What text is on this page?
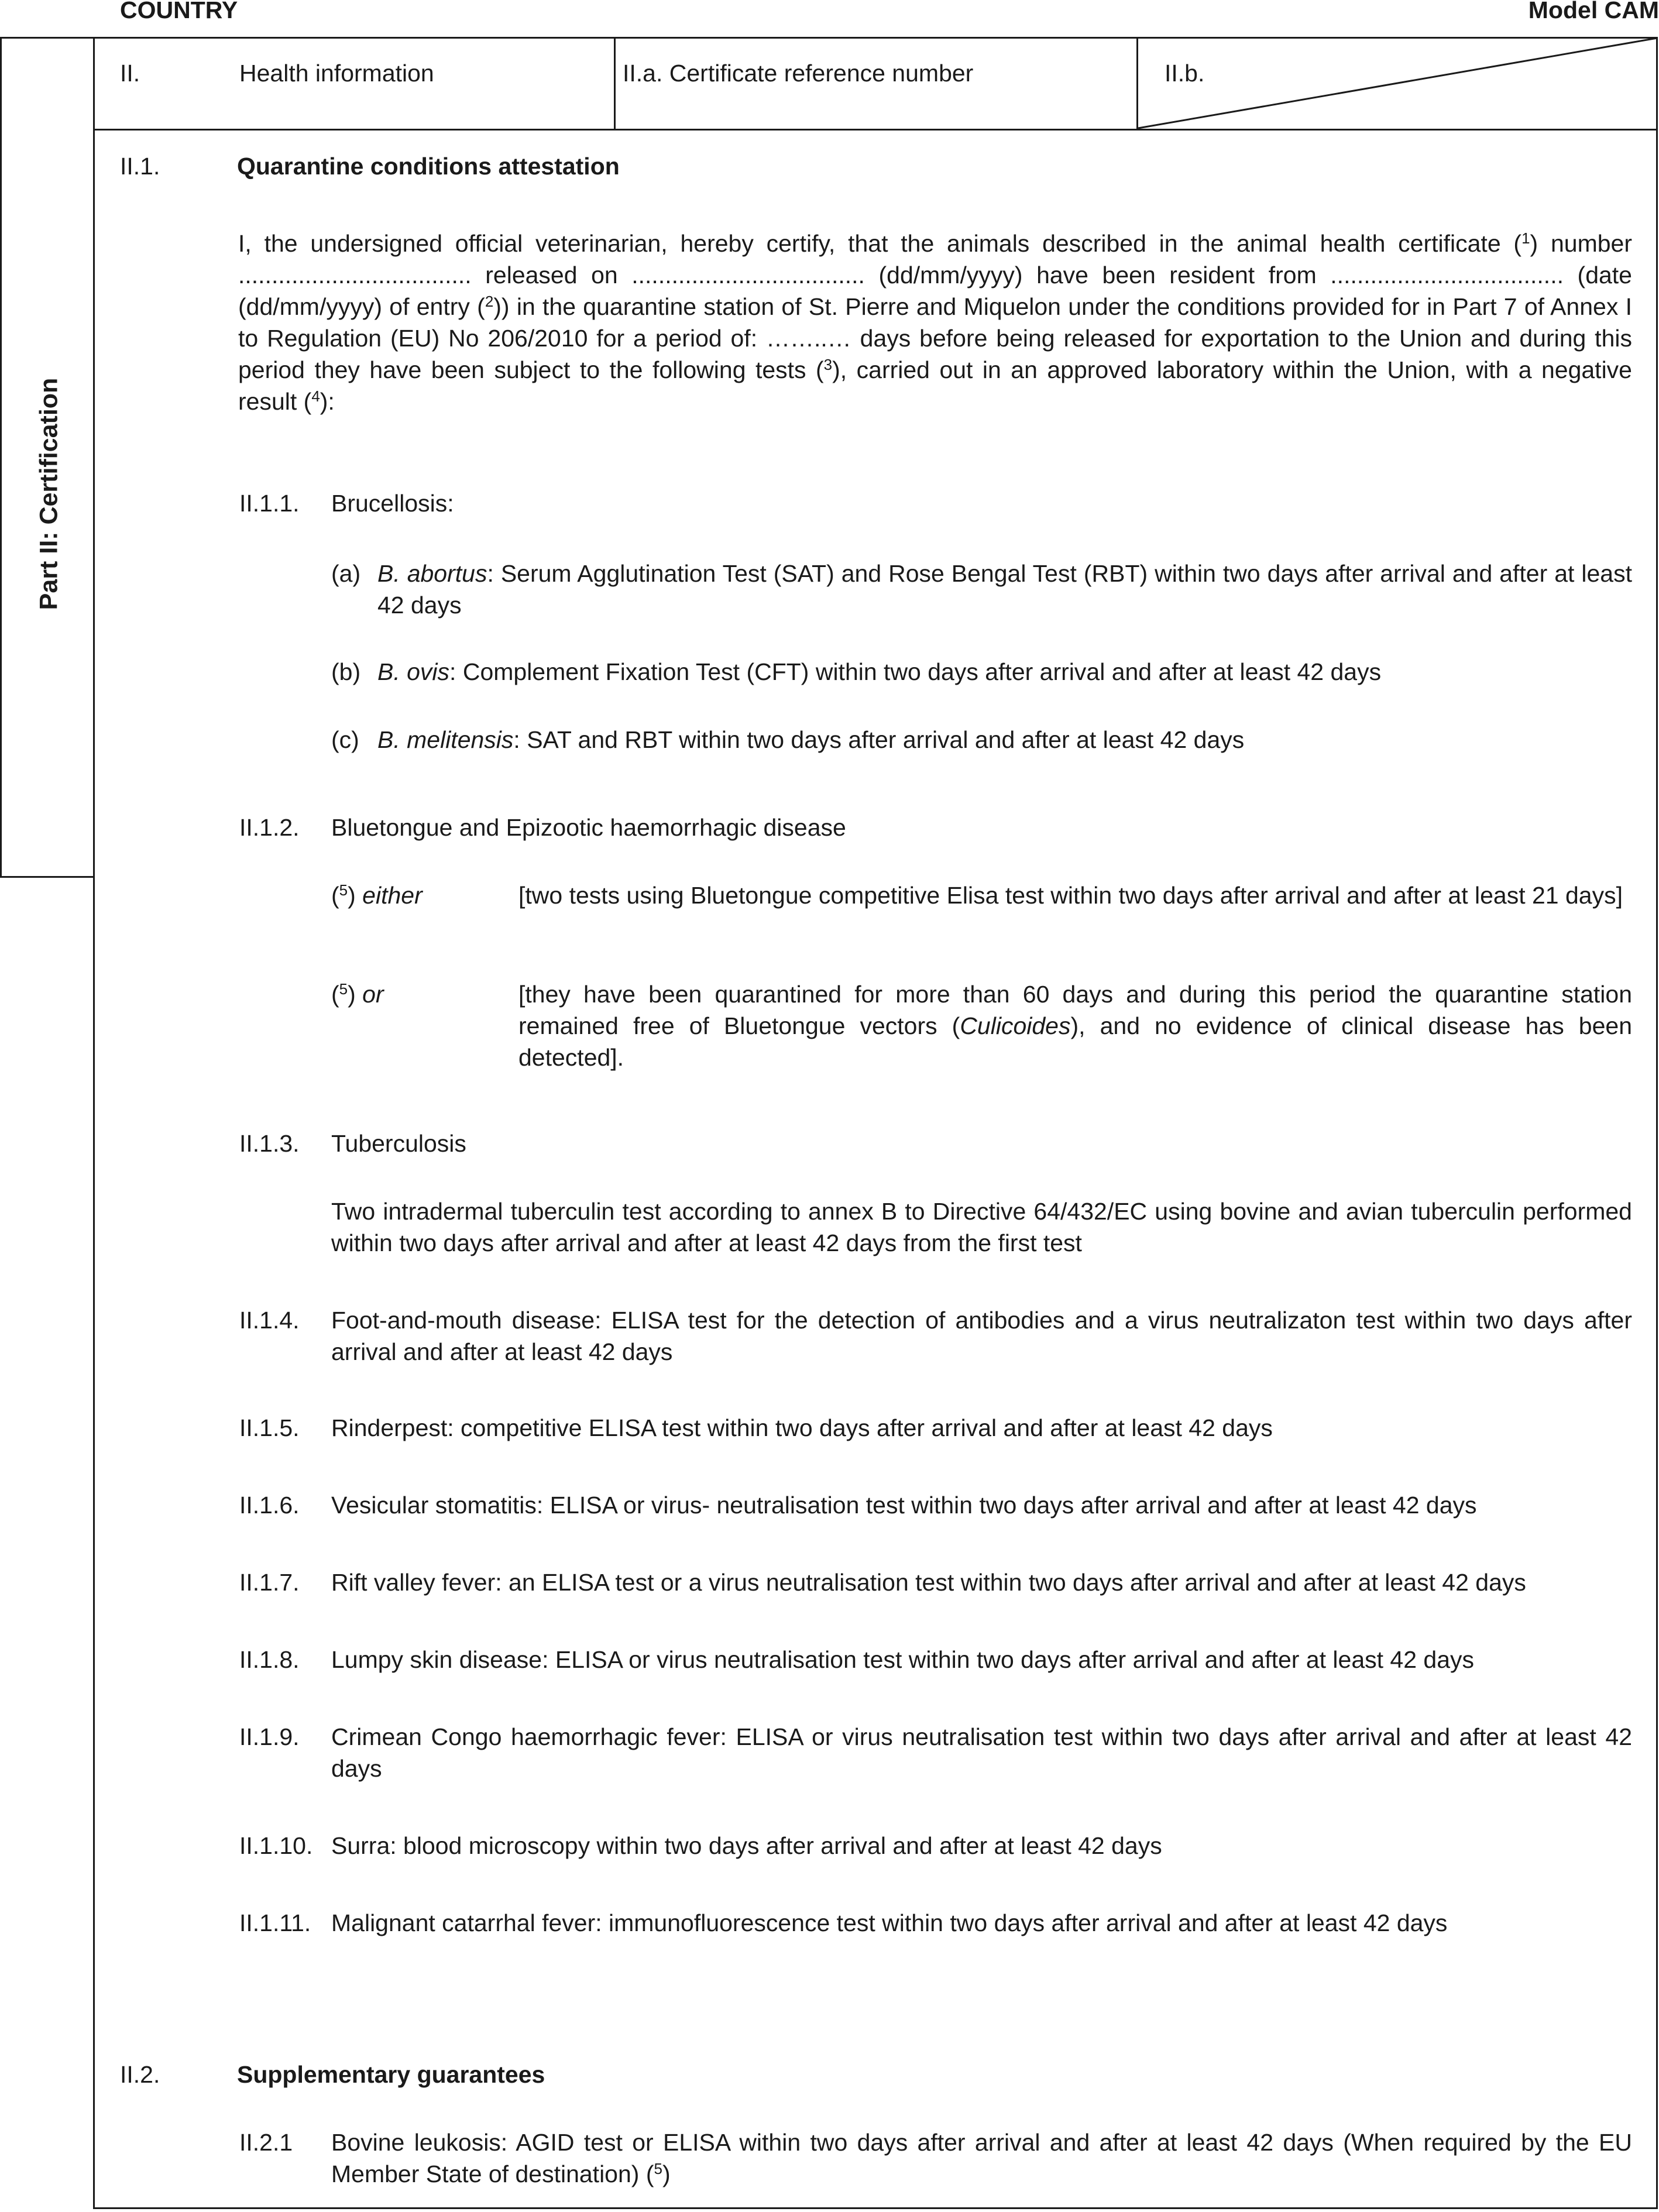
COUNTRY	Model CAM
Part II: Certification
II.	Health information	II.a. Certificate reference number	II.b.
II.1.	Quarantine conditions attestation
I, the undersigned official veterinarian, hereby certify, that the animals described in the animal health certificate ($^1$) number ................................... released on ................................... (dd/mm/yyyy) have been resident from ................................... (date (dd/mm/yyyy) of entry ($^2$)) in the quarantine station of St. Pierre and Miquelon under the conditions provided for in Part 7 of Annex I to Regulation (EU) No 206/2010 for a period of: ……..… days before being released for exportation to the Union and during this period they have been subject to the following tests ($^3$), carried out in an approved laboratory within the Union, with a negative result ($^4$):
II.1.1. Brucellosis:
(a) B. abortus: Serum Agglutination Test (SAT) and Rose Bengal Test (RBT) within two days after arrival and after at least 42 days
(b) B. ovis: Complement Fixation Test (CFT) within two days after arrival and after at least 42 days
(c) B. melitensis: SAT and RBT within two days after arrival and after at least 42 days
II.1.2. Bluetongue and Epizootic haemorrhagic disease
($^5$) either	[two tests using Bluetongue competitive Elisa test within two days after arrival and after at least 21 days]
($^5$) or	[they have been quarantined for more than 60 days and during this period the quarantine station remained free of Bluetongue vectors (Culicoides), and no evidence of clinical disease has been detected].
II.1.3. Tuberculosis
Two intradermal tuberculin test according to annex B to Directive 64/432/EC using bovine and avian tuberculin performed within two days after arrival and after at least 42 days from the first test
II.1.4. Foot-and-mouth disease: ELISA test for the detection of antibodies and a virus neutralizaton test within two days after arrival and after at least 42 days
II.1.5. Rinderpest: competitive ELISA test within two days after arrival and after at least 42 days
II.1.6. Vesicular stomatitis: ELISA or virus- neutralisation test within two days after arrival and after at least 42 days
II.1.7. Rift valley fever: an ELISA test or a virus neutralisation test within two days after arrival and after at least 42 days
II.1.8. Lumpy skin disease: ELISA or virus neutralisation test within two days after arrival and after at least 42 days
II.1.9. Crimean Congo haemorrhagic fever: ELISA or virus neutralisation test within two days after arrival and after at least 42 days
II.1.10. Surra: blood microscopy within two days after arrival and after at least 42 days
II.1.11. Malignant catarrhal fever: immunofluorescence test within two days after arrival and after at least 42 days
II.2.	Supplementary guarantees
II.2.1 Bovine leukosis: AGID test or ELISA within two days after arrival and after at least 42 days (When required by the EU Member State of destination) ($^5$)
